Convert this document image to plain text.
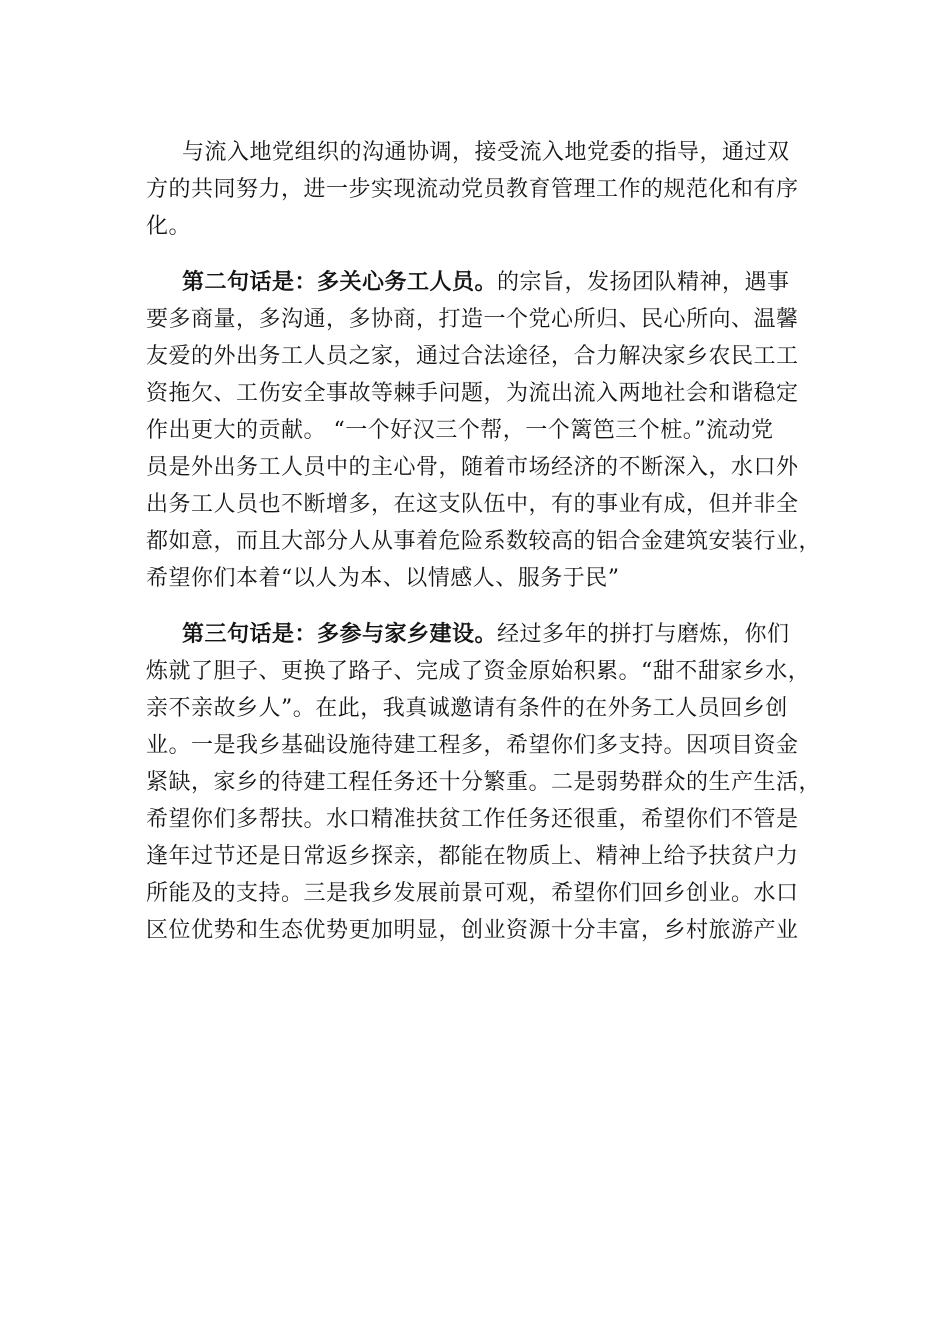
与流入地党组织的沟通协调，接受流入地党委的指导，通过双
方的共同努力，进一步实现流动党员教育管理工作的规范化和有序
化。

第二句话是：多关心务工人员。的宗旨，发扬团队精神，遇事
要多商量，多沟通，多协商，打造一个党心所归、民心所向、温馨
友爱的外出务工人员之家，通过合法途径，合力解决家乡农民工工
资拖欠、工伤安全事故等棘手问题，为流出流入两地社会和谐稳定
作出更大的贡献。 “一个好汉三个帮，一个篱笆三个桩。”流动党
员是外出务工人员中的主心骨，随着市场经济的不断深入，水口外
出务工人员也不断增多，在这支队伍中，有的事业有成，但并非全
都如意，而且大部分人从事着危险系数较高的铝合金建筑安装行业，
希望你们本着“以人为本、以情感人、服务于民”

第三句话是：多参与家乡建设。经过多年的拼打与磨炼，你们
炼就了胆子、更换了路子、完成了资金原始积累。“甜不甜家乡水，
亲不亲故乡人”。在此，我真诚邀请有条件的在外务工人员回乡创
业。一是我乡基础设施待建工程多，希望你们多支持。因项目资金
紧缺，家乡的待建工程任务还十分繁重。二是弱势群众的生产生活，
希望你们多帮扶。水口精准扶贫工作任务还很重，希望你们不管是
逢年过节还是日常返乡探亲，都能在物质上、精神上给予扶贫户力
所能及的支持。三是我乡发展前景可观，希望你们回乡创业。水口
区位优势和生态优势更加明显，创业资源十分丰富，乡村旅游产业
